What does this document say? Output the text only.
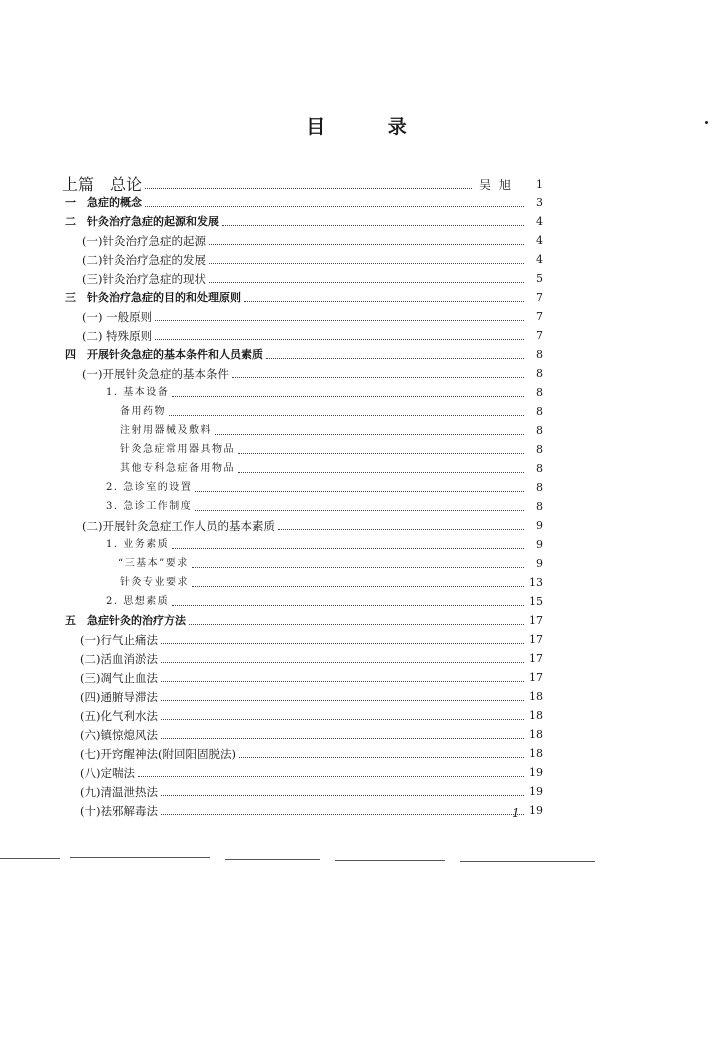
目 录
上篇　总论	吴旭	1
一　急症的概念	3
二　针灸治疗急症的起源和发展	4
(一)针灸治疗急症的起源	4
(二)针灸治疗急症的发展	4
(三)针灸治疗急症的现状	5
三　针灸治疗急症的目的和处理原则	7
(一) 一般原则	7
(二) 特殊原则	7
四　开展针灸急症的基本条件和人员素质	8
(一)开展针灸急症的基本条件	8
1. 基本设备	8
备用药物	8
注射用器械及敷料	8
针灸急症常用器具物品	8
其他专科急症备用物品	8
2. 急诊室的设置	8
3. 急诊工作制度	8
(二)开展针灸急症工作人员的基本素质	9
1. 业务素质	9
“三基本”要求	9
针灸专业要求	13
2. 思想素质	15
五　急症针灸的治疗方法	17
(一)行气止痛法	17
(二)活血消淤法	17
(三)凋气止血法	17
(四)通腑导滞法	18
(五)化气利水法	18
(六)镇惊熄风法	18
(七)开窍醒神法(附回阳固脱法)	18
(八)定喘法	19
(九)清温泄热法	19
(十)祛邪解毒法	19
1
